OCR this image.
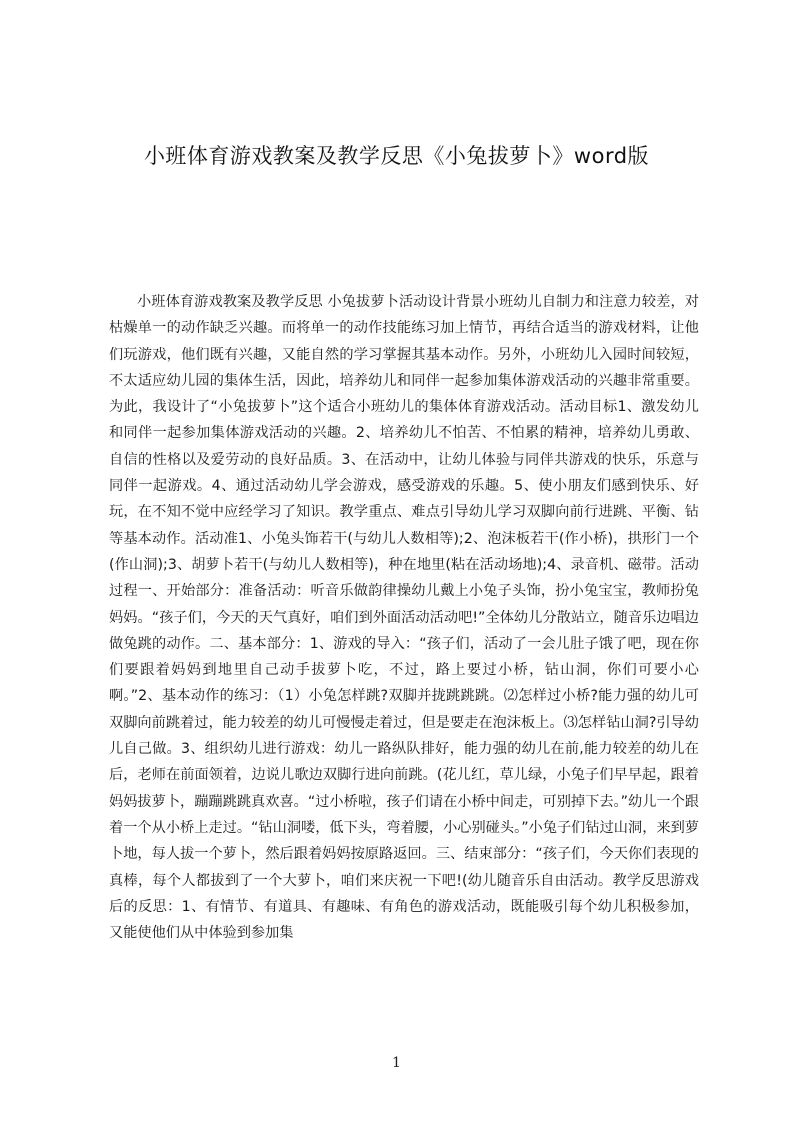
小班体育游戏教案及教学反思《小兔拔萝卜》word版

小班体育游戏教案及教学反思 小兔拔萝卜活动设计背景小班幼儿自制力和注意力较差，对枯燥单一的动作缺乏兴趣。而将单一的动作技能练习加上情节，再结合适当的游戏材料，让他们玩游戏，他们既有兴趣，又能自然的学习掌握其基本动作。另外，小班幼儿入园时间较短，不太适应幼儿园的集体生活，因此，培养幼儿和同伴一起参加集体游戏活动的兴趣非常重要。为此，我设计了“小兔拔萝卜”这个适合小班幼儿的集体体育游戏活动。活动目标1、激发幼儿和同伴一起参加集体游戏活动的兴趣。2、培养幼儿不怕苦、不怕累的精神，培养幼儿勇敢、自信的性格以及爱劳动的良好品质。3、在活动中，让幼儿体验与同伴共游戏的快乐，乐意与同伴一起游戏。4、通过活动幼儿学会游戏，感受游戏的乐趣。5、使小朋友们感到快乐、好玩，在不知不觉中应经学习了知识。教学重点、难点引导幼儿学习双脚向前行进跳、平衡、钻等基本动作。活动准1、小兔头饰若干(与幼儿人数相等);2、泡沫板若干(作小桥)，拱形门一个(作山洞);3、胡萝卜若干(与幼儿人数相等)，种在地里(粘在活动场地);4、录音机、磁带。活动过程一、开始部分：准备活动：听音乐做韵律操幼儿戴上小兔子头饰，扮小兔宝宝，教师扮兔妈妈。“孩子们，今天的天气真好，咱们到外面活动活动吧!”全体幼儿分散站立，随音乐边唱边做兔跳的动作。二、基本部分：1、游戏的导入：“孩子们，活动了一会儿肚子饿了吧，现在你们要跟着妈妈到地里自己动手拔萝卜吃，不过，路上要过小桥，钻山洞，你们可要小心啊。”2、基本动作的练习：（1）小兔怎样跳?双脚并拢跳跳跳。⑵怎样过小桥?能力强的幼儿可双脚向前跳着过，能力较差的幼儿可慢慢走着过，但是要走在泡沫板上。⑶怎样钻山洞?引导幼儿自己做。3、组织幼儿进行游戏：幼儿一路纵队排好，能力强的幼儿在前,能力较差的幼儿在后，老师在前面领着，边说儿歌边双脚行进向前跳。(花儿红，草儿绿，小兔子们早早起，跟着妈妈拔萝卜，蹦蹦跳跳真欢喜。“过小桥啦，孩子们请在小桥中间走，可别掉下去。”幼儿一个跟着一个从小桥上走过。“钻山洞喽，低下头，弯着腰，小心别碰头。”小兔子们钻过山洞，来到萝卜地，每人拔一个萝卜，然后跟着妈妈按原路返回。三、结束部分：“孩子们，今天你们表现的真棒，每个人都拔到了一个大萝卜，咱们来庆祝一下吧!(幼儿随音乐自由活动。教学反思游戏后的反思：1、有情节、有道具、有趣味、有角色的游戏活动，既能吸引每个幼儿积极参加，又能使他们从中体验到参加集

1
